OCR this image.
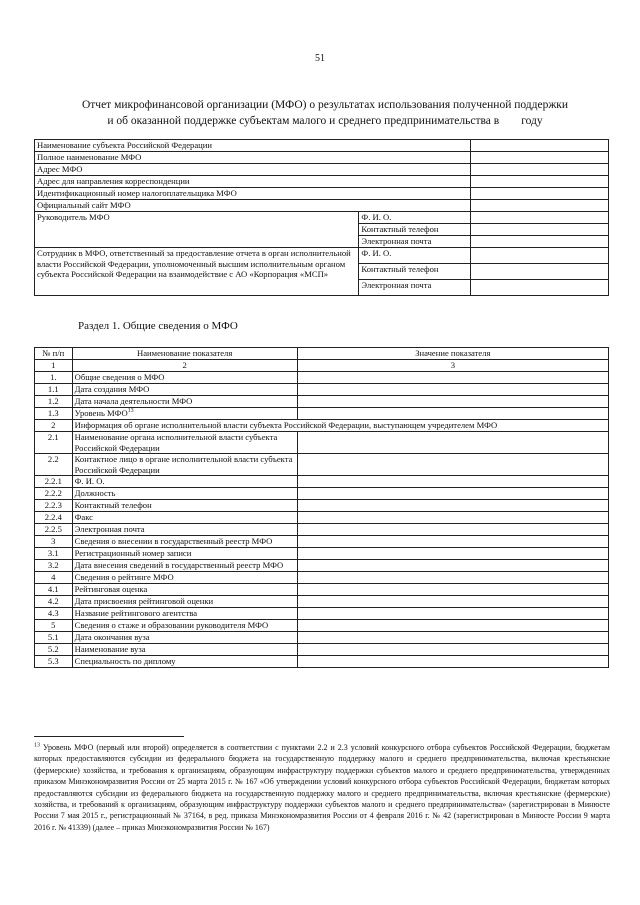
51
Отчет микрофинансовой организации (МФО) о результатах использования полученной поддержки
и об оказанной поддержке субъектам малого и среднего предпринимательства в году
Наименование субъекта Российской Федерации		
Полное наименование МФО		
Адрес МФО		
Адрес для направления корреспонденции		
Идентификационный номер налогоплательщика МФО		
Официальный сайт МФО		
Руководитель МФО	Ф. И. О.	
	Контактный телефон	
	Электронная почта	
Сотрудник в МФО, ответственный за предоставление отчета в орган исполнительной власти Российской Федерации, уполномоченный высшим исполнительным органом субъекта Российской Федерации на взаимодействие с АО «Корпорация «МСП»	Ф. И. О.	
	Контактный телефон	
	Электронная почта	
Раздел 1. Общие сведения о МФО
№ п/п	Наименование показателя	Значение показателя
1	2	3
1.	Общие сведения о МФО	
1.1	Дата создания МФО	
1.2	Дата начала деятельности МФО	
1.3	Уровень МФО$^{13}$	
2	Информация об органе исполнительной власти субъекта Российской Федерации, выступающем учредителем МФО	
2.1	Наименование органа исполнительной власти субъекта Российской Федерации	
2.2	Контактное лицо в органе исполнительной власти субъекта Российской Федерации	
2.2.1	Ф. И. О.	
2.2.2	Должность	
2.2.3	Контактный телефон	
2.2.4	Факс	
2.2.5	Электронная почта	
3	Сведения о внесении в государственный реестр МФО	
3.1	Регистрационный номер записи	
3.2	Дата внесения сведений в государственный реестр МФО	
4	Сведения о рейтинге МФО	
4.1	Рейтинговая оценка	
4.2	Дата присвоения рейтинговой оценки	
4.3	Название рейтингового агентства	
5	Сведения о стаже и образовании руководителя МФО	
5.1	Дата окончания вуза	
5.2	Наименование вуза	
5.3	Специальность по диплому	
$^{13}$ Уровень МФО (первый или второй) определяется в соответствии с пунктами 2.2 и 2.3 условий конкурсного отбора субъектов Российской Федерации, бюджетам которых предоставляются субсидии из федерального бюджета на государственную поддержку малого и среднего предпринимательства, включая крестьянские (фермерские) хозяйства, и требования к организациям, образующим инфраструктуру поддержки субъектов малого и среднего предпринимательства, утвержденных приказом Минэкономразвития России от 25 марта 2015 г. № 167 «Об утверждении условий конкурсного отбора субъектов Российской Федерации, бюджетам которых предоставляются субсидии из федерального бюджета на государственную поддержку малого и среднего предпринимательства, включая крестьянские (фермерские) хозяйства, и требований к организациям, образующим инфраструктуру поддержки субъектов малого и среднего предпринимательства» (зарегистрирован в Минюсте России 7 мая 2015 г., регистрационный № 37164, в ред. приказа Минэкономразвития России от 4 февраля 2016 г. № 42 (зарегистрирован в Минюсте России 9 марта 2016 г. № 41339) (далее – приказ Минэкономразвития России № 167)
